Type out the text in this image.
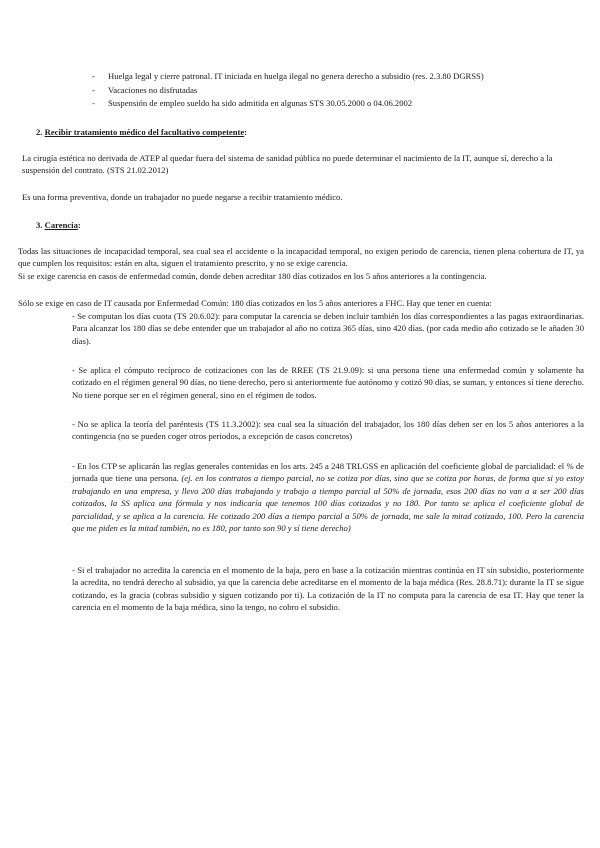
- Huelga legal y cierre patronal. IT iniciada en huelga ilegal no genera derecho a subsidio (res. 2.3.80 DGRSS)
- Vacaciones no disfrutadas
- Suspensión de empleo sueldo ha sido admitida en algunas STS 30.05.2000 o 04.06.2002
2. Recibir tratamiento médico del facultativo competente:
La cirugía estética no derivada de ATEP al quedar fuera del sistema de sanidad pública no puede determinar el nacimiento de la IT, aunque sí, derecho a la suspensión del contrato. (STS 21.02.2012)
Es una forma preventiva, donde un trabajador no puede negarse a recibir tratamiento médico.
3. Carencia:
Todas las situaciones de incapacidad temporal, sea cual sea el accidente o la incapacidad temporal, no exigen periodo de carencia, tienen plena cobertura de IT, ya que cumplen los requisitos: están en alta, siguen el tratamiento prescrito, y no se exige carencia.
Si se exige carencia en casos de enfermedad común, donde deben acreditar 180 días cotizados en los 5 años anteriores a la contingencia.
Sólo se exige en caso de IT causada por Enfermedad Común: 180 días cotizados en los 5 años anteriores a FHC. Hay que tener en cuenta:
- Se computan los días cuota (TS 20.6.02): para computar la carencia se deben incluir también los días correspondientes a las pagas extraordinarias. Para alcanzar los 180 días se debe entender que un trabajador al año no cotiza 365 días, sino 420 días. (por cada medio año cotizado se le añaden 30 días).
- Se aplica el cómputo recíproco de cotizaciones con las de RREE (TS 21.9.09): si una persona tiene una enfermedad común y solamente ha cotizado en el régimen general 90 días, no tiene derecho, pero si anteriormente fue autónomo y cotizó 90 días, se suman, y entonces sí tiene derecho. No tiene porque ser en el régimen general, sino en el régimen de todos.
- No se aplica la teoría del paréntesis (TS 11.3.2002): sea cual sea la situación del trabajador, los 180 días deben ser en los 5 años anteriores a la contingencia (no se pueden coger otros periodos, a excepción de casos concretos)
- En los CTP se aplicarán las reglas generales contenidas en los arts. 245 a 248 TRLGSS en aplicación del coeficiente global de parcialidad: el % de jornada que tiene una persona. (ej. en los contratos a tiempo parcial, no se cotiza por días, sino que se cotiza por horas, de forma que si yo estoy trabajando en una empresa, y llevo 200 días trabajando y trabajo a tiempo parcial al 50% de jornada, esos 200 días no van a a ser 200 días cotizados, la SS aplica una fórmula y nos indicaría que tenemos 100 días cotizados y no 180. Por tanto se aplica el coeficiente global de parcialidad, y se aplica a la carencia. He cotizado 200 días a tiempo parcial a 50% de jornada, me sale la mitad cotizado, 100. Pero la carencia que me piden es la mitad también, no es 180, por tanto son 90 y sí tiene derecho)
- Si el trabajador no acredita la carencia en el momento de la baja, pero en base a la cotización mientras continúa en IT sin subsidio, posteriormente la acredita, no tendrá derecho al subsidio, ya que la carencia debe acreditarse en el momento de la baja médica (Res. 28.8.71): durante la IT se sigue cotizando, es la gracia (cobras subsidio y siguen cotizando por ti). La cotización de la IT no computa para la carencia de esa IT. Hay que tener la carencia en el momento de la baja médica, sino la tengo, no cobro el subsidio.
